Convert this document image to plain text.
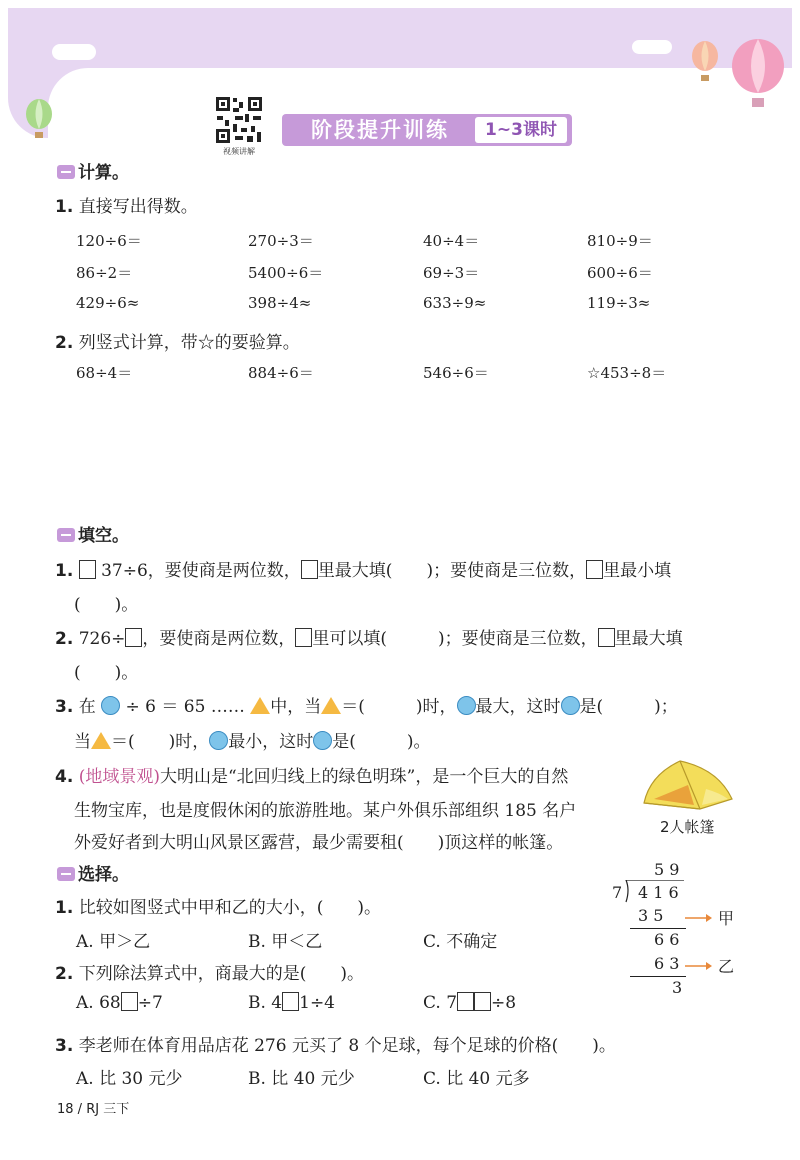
视频讲解
阶段提升训练	1~3课时
计算。
1. 直接写出得数。
120÷6＝	270÷3＝	40÷4＝	810÷9＝
86÷2＝	5400÷6＝	69÷3＝	600÷6＝
429÷6≈	398÷4≈	633÷9≈	119÷3≈
2. 列竖式计算，带☆的要验算。
68÷4＝	884÷6＝	546÷6＝	☆453÷8＝
填空。
1. 37÷6，要使商是两位数， 里最大填(　　)；要使商是三位数， 里最小填
(　　)。
2. 726÷ ，要使商是两位数， 里可以填(　　　)；要使商是三位数， 里最大填
(　　)。
3. 在 ÷ 6 ＝ 65 …… 中，当 ＝(　　　)时， 最大，这时 是(　　　)；
当 ＝(　　)时， 最小，这时 是(　　　)。
4. (地域景观)大明山是“北回归线上的绿色明珠”，是一个巨大的自然
生物宝库，也是度假休闲的旅游胜地。某户外俱乐部组织 185 名户
外爱好者到大明山风景区露营，最少需要租(　　)顶这样的帐篷。
2人帐篷
选择。
1. 比较如图竖式中甲和乙的大小，(　　)。
A. 甲＞乙	B. 甲＜乙	C. 不确定
2. 下列除法算式中，商最大的是(　　)。
A. 68 ÷7	B. 4 1÷4	C. 7 ÷8
3. 李老师在体育用品店花 276 元买了 8 个足球，每个足球的价格(　　)。
A. 比 30 元少	B. 比 40 元少	C. 比 40 元多
5 9
7 4 1 6
3 5
6 6
6 3
3
甲
乙
18 / RJ 三下
